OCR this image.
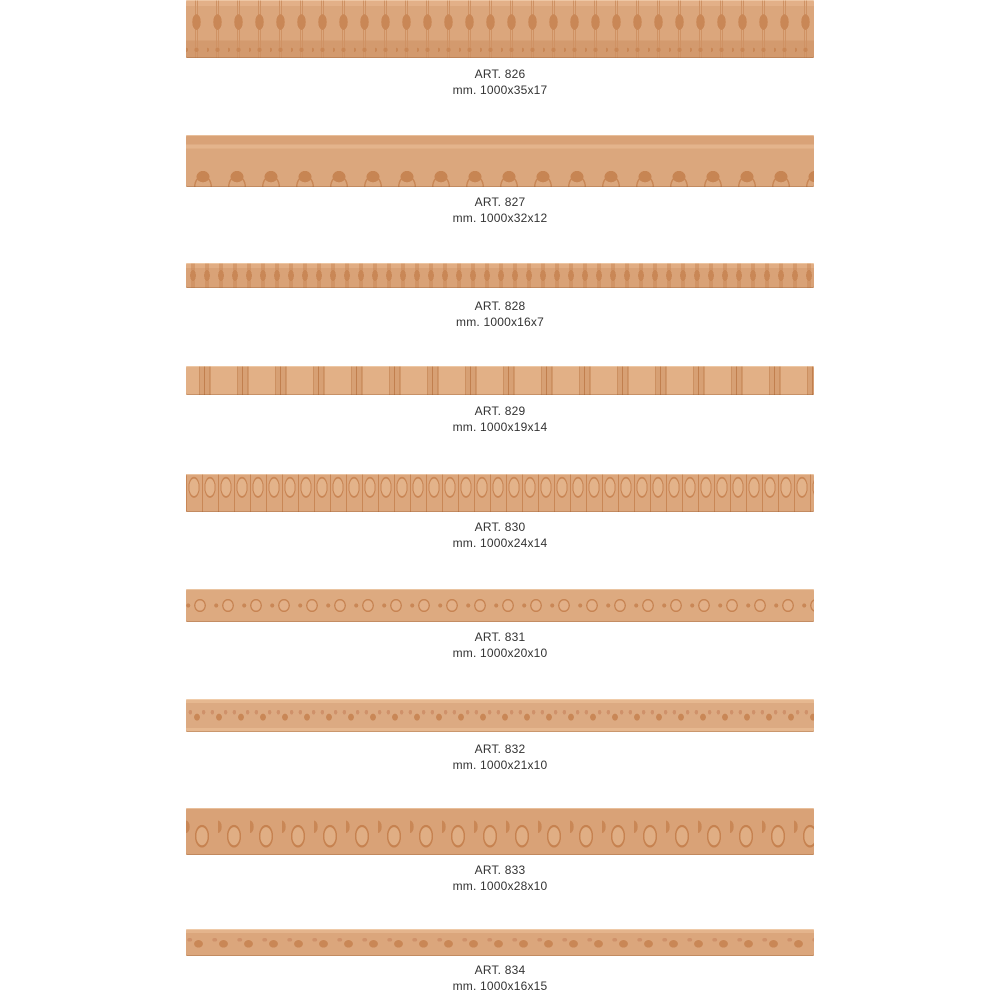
ART. 826
mm. 1000x35x17
ART. 827
mm. 1000x32x12
ART. 828
mm. 1000x16x7
ART. 829
mm. 1000x19x14
ART. 830
mm. 1000x24x14
ART. 831
mm. 1000x20x10
ART. 832
mm. 1000x21x10
ART. 833
mm. 1000x28x10
ART. 834
mm. 1000x16x15
